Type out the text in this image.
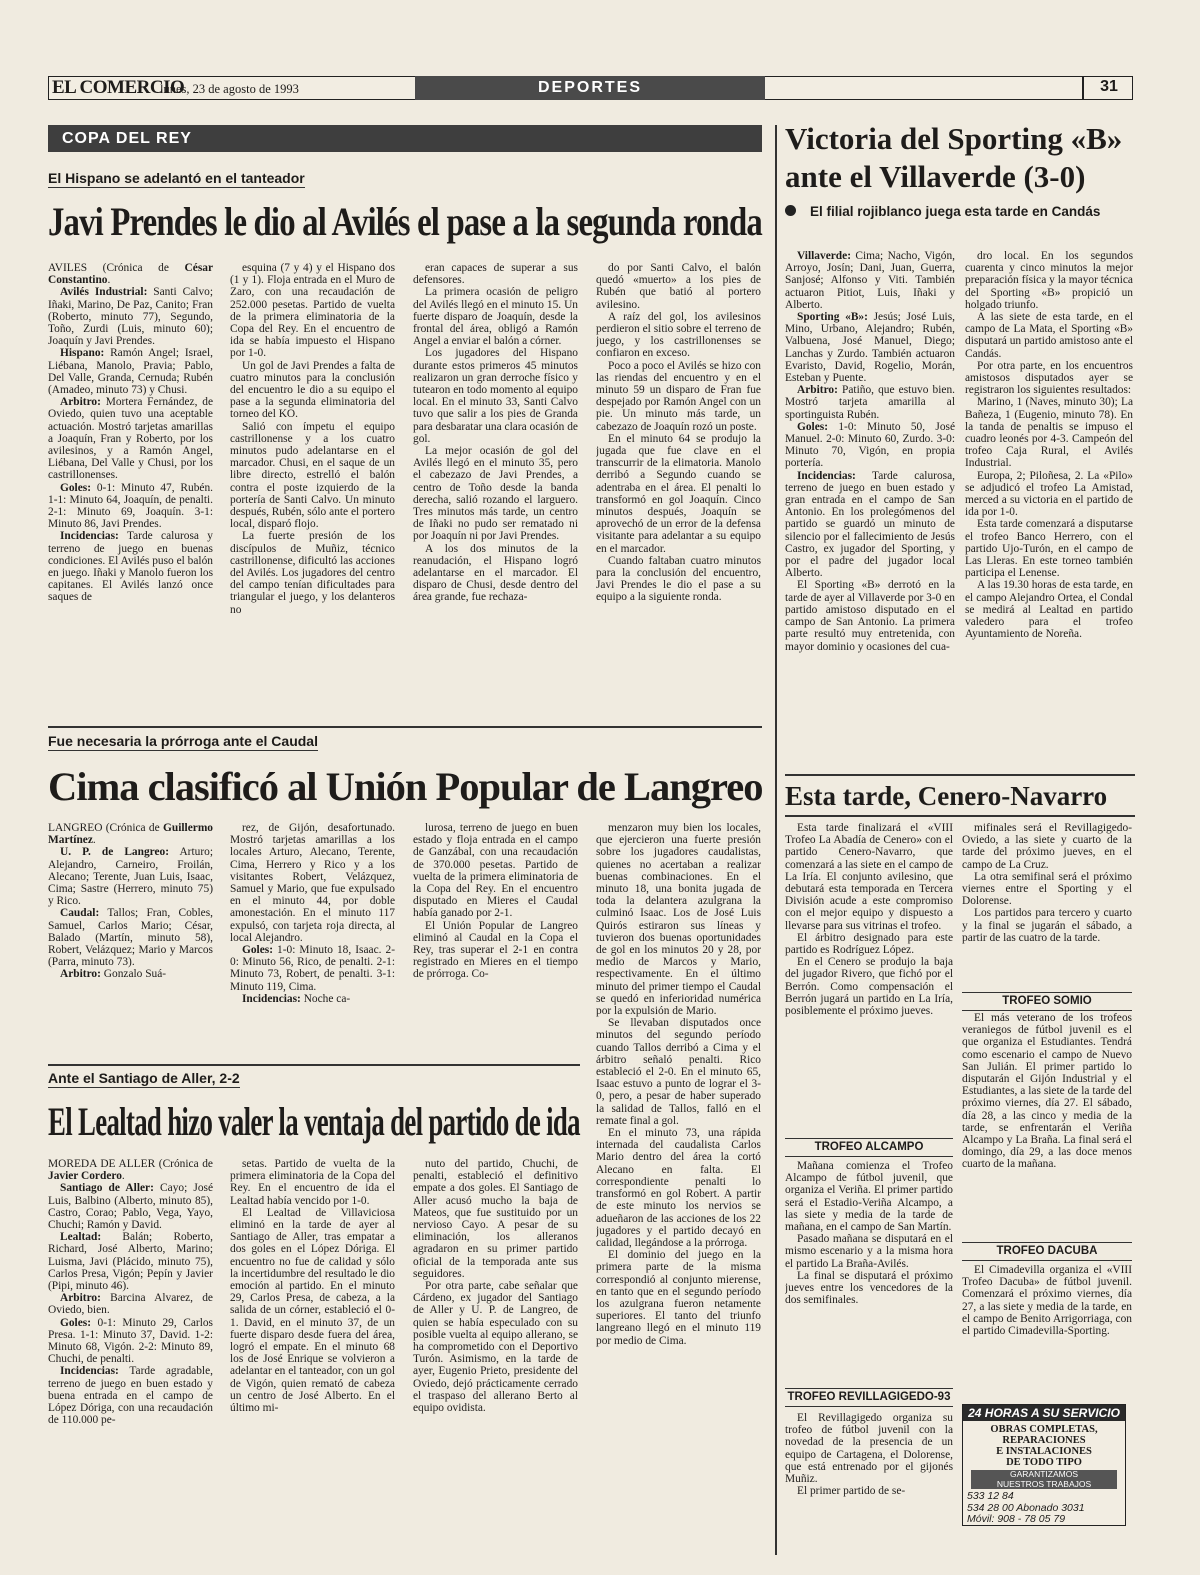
EL COMERCIO
lunes, 23 de agosto de 1993	DEPORTES	31
COPA DEL REY
El Hispano se adelantó en el tanteador
Javi Prendes le dio al Avilés el pase a la segunda ronda

AVILES (Crónica de César Constantino.

Avilés Industrial: Santi Calvo; Iñaki, Marino, De Paz, Canito; Fran (Roberto, minuto 77), Segundo, Toño, Zurdi (Luis, minuto 60); Joaquín y Javi Prendes.

Hispano: Ramón Angel; Israel, Liébana, Manolo, Pravia; Pablo, Del Valle, Granda, Cernuda; Rubén (Amadeo, minuto 73) y Chusi.

Arbitro: Mortera Fernández, de Oviedo, quien tuvo una aceptable actuación. Mostró tarjetas amarillas a Joaquín, Fran y Roberto, por los avilesinos, y a Ramón Angel, Liébana, Del Valle y Chusi, por los castrillonenses.

Goles: 0-1: Minuto 47, Rubén. 1-1: Minuto 64, Joaquín, de penalti. 2-1: Minuto 69, Joaquín. 3-1: Minuto 86, Javi Prendes.

Incidencias: Tarde calurosa y terreno de juego en buenas condiciones. El Avilés puso el balón en juego. Iñaki y Manolo fueron los capitanes. El Avilés lanzó once saques de

esquina (7 y 4) y el Hispano dos (1 y 1). Floja entrada en el Muro de Zaro, con una recaudación de 252.000 pesetas. Partido de vuelta de la primera eliminatoria de la Copa del Rey. En el encuentro de ida se había impuesto el Hispano por 1-0.

Un gol de Javi Prendes a falta de cuatro minutos para la conclusión del encuentro le dio a su equipo el pase a la segunda eliminatoria del torneo del KO.

Salió con ímpetu el equipo castrillonense y a los cuatro minutos pudo adelantarse en el marcador. Chusi, en el saque de un libre directo, estrelló el balón contra el poste izquierdo de la portería de Santi Calvo. Un minuto después, Rubén, sólo ante el portero local, disparó flojo.

La fuerte presión de los discípulos de Muñiz, técnico castrillonense, dificultó las acciones del Avilés. Los jugadores del centro del campo tenían dificultades para triangular el juego, y los delanteros no

eran capaces de superar a sus defensores.

La primera ocasión de peligro del Avilés llegó en el minuto 15. Un fuerte disparo de Joaquín, desde la frontal del área, obligó a Ramón Angel a enviar el balón a córner.

Los jugadores del Hispano durante estos primeros 45 minutos realizaron un gran derroche físico y tutearon en todo momento al equipo local. En el minuto 33, Santi Calvo tuvo que salir a los pies de Granda para desbaratar una clara ocasión de gol.

La mejor ocasión de gol del Avilés llegó en el minuto 35, pero el cabezazo de Javi Prendes, a centro de Toño desde la banda derecha, salió rozando el larguero. Tres minutos más tarde, un centro de Iñaki no pudo ser rematado ni por Joaquín ni por Javi Prendes.

A los dos minutos de la reanudación, el Hispano logró adelantarse en el marcador. El disparo de Chusi, desde dentro del área grande, fue rechaza-

do por Santi Calvo, el balón quedó «muerto» a los pies de Rubén que batió al portero avilesino.

A raíz del gol, los avilesinos perdieron el sitio sobre el terreno de juego, y los castrillonenses se confiaron en exceso.

Poco a poco el Avilés se hizo con las riendas del encuentro y en el minuto 59 un disparo de Fran fue despejado por Ramón Angel con un pie. Un minuto más tarde, un cabezazo de Joaquín rozó un poste.

En el minuto 64 se produjo la jugada que fue clave en el transcurrir de la elimatoria. Manolo derribó a Segundo cuando se adentraba en el área. El penalti lo transformó en gol Joaquín. Cinco minutos después, Joaquín se aprovechó de un error de la defensa visitante para adelantar a su equipo en el marcador.

Cuando faltaban cuatro minutos para la conclusión del encuentro, Javi Prendes le dio el pase a su equipo a la siguiente ronda.

Victoria del Sporting «B» ante el Villaverde (3-0)
El filial rojiblanco juega esta tarde en Candás

Villaverde: Cima; Nacho, Vigón, Arroyo, Josín; Dani, Juan, Guerra, Sanjosé; Alfonso y Viti. También actuaron Pitiot, Luis, Iñaki y Alberto.

Sporting «B»: Jesús; José Luis, Mino, Urbano, Alejandro; Rubén, Valbuena, José Manuel, Diego; Lanchas y Zurdo. También actuaron Evaristo, David, Rogelio, Morán, Esteban y Puente.

Arbitro: Patiño, que estuvo bien. Mostró tarjeta amarilla al sportinguista Rubén.

Goles: 1-0: Minuto 50, José Manuel. 2-0: Minuto 60, Zurdo. 3-0: Minuto 70, Vigón, en propia portería.

Incidencias: Tarde calurosa, terreno de juego en buen estado y gran entrada en el campo de San Antonio. En los prolegómenos del partido se guardó un minuto de silencio por el fallecimiento de Jesús Castro, ex jugador del Sporting, y por el padre del jugador local Alberto.

El Sporting «B» derrotó en la tarde de ayer al Villaverde por 3-0 en partido amistoso disputado en el campo de San Antonio. La primera parte resultó muy entretenida, con mayor dominio y ocasiones del cua-

dro local. En los segundos cuarenta y cinco minutos la mejor preparación física y la mayor técnica del Sporting «B» propició un holgado triunfo.

A las siete de esta tarde, en el campo de La Mata, el Sporting «B» disputará un partido amistoso ante el Candás.

Por otra parte, en los encuentros amistosos disputados ayer se registraron los siguientes resultados:

Marino, 1 (Naves, minuto 30); La Bañeza, 1 (Eugenio, minuto 78). En la tanda de penaltis se impuso el cuadro leonés por 4-3. Campeón del trofeo Caja Rural, el Avilés Industrial.

Europa, 2; Piloñesa, 2. La «Pilo» se adjudicó el trofeo La Amistad, merced a su victoria en el partido de ida por 1-0.

Esta tarde comenzará a disputarse el trofeo Banco Herrero, con el partido Ujo-Turón, en el campo de Las Lleras. En este torneo también participa el Lenense.

A las 19.30 horas de esta tarde, en el campo Alejandro Ortea, el Condal se medirá al Lealtad en partido valedero para el trofeo Ayuntamiento de Noreña.

Fue necesaria la prórroga ante el Caudal
Cima clasificó al Unión Popular de Langreo

LANGREO (Crónica de Guillermo Martínez.

U. P. de Langreo: Arturo; Alejandro, Carneiro, Froilán, Alecano; Terente, Juan Luis, Isaac, Cima; Sastre (Herrero, minuto 75) y Rico.

Caudal: Tallos; Fran, Cobles, Samuel, Carlos Mario; César, Balado (Martín, minuto 58), Robert, Velázquez; Mario y Marcos (Parra, minuto 73).

Arbitro: Gonzalo Suá-

rez, de Gijón, desafortunado. Mostró tarjetas amarillas a los locales Arturo, Alecano, Terente, Cima, Herrero y Rico y a los visitantes Robert, Velázquez, Samuel y Mario, que fue expulsado en el minuto 44, por doble amonestación. En el minuto 117 expulsó, con tarjeta roja directa, al local Alejandro.

Goles: 1-0: Minuto 18, Isaac. 2-0: Minuto 56, Rico, de penalti. 2-1: Minuto 73, Robert, de penalti. 3-1: Minuto 119, Cima.

Incidencias: Noche ca-

lurosa, terreno de juego en buen estado y floja entrada en el campo de Ganzábal, con una recaudación de 370.000 pesetas. Partido de vuelta de la primera eliminatoria de la Copa del Rey. En el encuentro disputado en Mieres el Caudal había ganado por 2-1.

El Unión Popular de Langreo eliminó al Caudal en la Copa el Rey, tras superar el 2-1 en contra registrado en Mieres en el tiempo de prórroga. Co-

menzaron muy bien los locales, que ejercieron una fuerte presión sobre los jugadores caudalistas, quienes no acertaban a realizar buenas combinaciones. En el minuto 18, una bonita jugada de toda la delantera azulgrana la culminó Isaac. Los de José Luis Quirós estiraron sus líneas y tuvieron dos buenas oportunidades de gol en los minutos 20 y 28, por medio de Marcos y Mario, respectivamente. En el último minuto del primer tiempo el Caudal se quedó en inferioridad numérica por la expulsión de Mario.

Se llevaban disputados once minutos del segundo período cuando Tallos derribó a Cima y el árbitro señaló penalti. Rico estableció el 2-0. En el minuto 65, Isaac estuvo a punto de lograr el 3-0, pero, a pesar de haber superado la salidad de Tallos, falló en el remate final a gol.

En el minuto 73, una rápida internada del caudalista Carlos Mario dentro del área la cortó Alecano en falta. El correspondiente penalti lo transformó en gol Robert. A partir de este minuto los nervios se adueñaron de las acciones de los 22 jugadores y el partido decayó en calidad, llegándose a la prórroga.

El dominio del juego en la primera parte de la misma correspondió al conjunto mierense, en tanto que en el segundo período los azulgrana fueron netamente superiores. El tanto del triunfo langreano llegó en el minuto 119 por medio de Cima.

Ante el Santiago de Aller, 2-2
El Lealtad hizo valer la ventaja del partido de ida

MOREDA DE ALLER (Crónica de Javier Cordero.

Santiago de Aller: Cayo; José Luis, Balbino (Alberto, minuto 85), Castro, Corao; Pablo, Vega, Yayo, Chuchi; Ramón y David.

Lealtad: Balán; Roberto, Richard, José Alberto, Marino; Luisma, Javi (Plácido, minuto 75), Carlos Presa, Vigón; Pepín y Javier (Pipi, minuto 46).

Arbitro: Barcina Alvarez, de Oviedo, bien.

Goles: 0-1: Minuto 29, Carlos Presa. 1-1: Minuto 37, David. 1-2: Minuto 68, Vigón. 2-2: Minuto 89, Chuchi, de penalti.

Incidencias: Tarde agradable, terreno de juego en buen estado y buena entrada en el campo de López Dóriga, con una recaudación de 110.000 pe-

setas. Partido de vuelta de la primera eliminatoria de la Copa del Rey. En el encuentro de ida el Lealtad había vencido por 1-0.

El Lealtad de Villaviciosa eliminó en la tarde de ayer al Santiago de Aller, tras empatar a dos goles en el López Dóriga. El encuentro no fue de calidad y sólo la incertidumbre del resultado le dio emoción al partido. En el minuto 29, Carlos Presa, de cabeza, a la salida de un córner, estableció el 0-1. David, en el minuto 37, de un fuerte disparo desde fuera del área, logró el empate. En el minuto 68 los de José Enrique se volvieron a adelantar en el tanteador, con un gol de Vigón, quien remató de cabeza un centro de José Alberto. En el último mi-

nuto del partido, Chuchi, de penalti, estableció el definitivo empate a dos goles. El Santiago de Aller acusó mucho la baja de Mateos, que fue sustituido por un nervioso Cayo. A pesar de su eliminación, los alleranos agradaron en su primer partido oficial de la temporada ante sus seguidores.

Por otra parte, cabe señalar que Cárdeno, ex jugador del Santiago de Aller y U. P. de Langreo, de quien se había especulado con su posible vuelta al equipo allerano, se ha comprometido con el Deportivo Turón. Asimismo, en la tarde de ayer, Eugenio Prieto, presidente del Oviedo, dejó prácticamente cerrado el traspaso del allerano Berto al equipo ovidista.

Esta tarde, Cenero-Navarro

Esta tarde finalizará el «VIII Trofeo La Abadía de Cenero» con el partido Cenero-Navarro, que comenzará a las siete en el campo de La Iría. El conjunto avilesino, que debutará esta temporada en Tercera División acude a este compromiso con el mejor equipo y dispuesto a llevarse para sus vitrinas el trofeo.

El árbitro designado para este partido es Rodríguez López.

En el Cenero se produjo la baja del jugador Rivero, que fichó por el Berrón. Como compensación el Berrón jugará un partido en La Iría, posiblemente el próximo jueves.

TROFEO ALCAMPO

Mañana comienza el Trofeo Alcampo de fútbol juvenil, que organiza el Veriña. El primer partido será el Estadio-Veriña Alcampo, a las siete y media de la tarde de mañana, en el campo de San Martín.

Pasado mañana se disputará en el mismo escenario y a la misma hora el partido La Braña-Avilés.

La final se disputará el próximo jueves entre los vencedores de la dos semifinales.

TROFEO REVILLAGIGEDO-93

El Revillagigedo organiza su trofeo de fútbol juvenil con la novedad de la presencia de un equipo de Cartagena, el Dolorense, que está entrenado por el gijonés Muñiz.

El primer partido de se-

mifinales será el Revillagigedo-Oviedo, a las siete y cuarto de la tarde del próximo jueves, en el campo de La Cruz.

La otra semifinal será el próximo viernes entre el Sporting y el Dolorense.

Los partidos para tercero y cuarto y la final se jugarán el sábado, a partir de las cuatro de la tarde.

TROFEO SOMIO

El más veterano de los trofeos veraniegos de fútbol juvenil es el que organiza el Estudiantes. Tendrá como escenario el campo de Nuevo San Julián. El primer partido lo disputarán el Gijón Industrial y el Estudiantes, a las siete de la tarde del próximo viernes, día 27. El sábado, día 28, a las cinco y media de la tarde, se enfrentarán el Veriña Alcampo y La Braña. La final será el domingo, día 29, a las doce menos cuarto de la mañana.

TROFEO DACUBA

El Cimadevilla organiza el «VIII Trofeo Dacuba» de fútbol juvenil. Comenzará el próximo viernes, día 27, a las siete y media de la tarde, en el campo de Benito Arrigorriaga, con el partido Cimadevilla-Sporting.

24 HORAS A SU SERVICIO
OBRAS COMPLETAS,
REPARACIONES
E INSTALACIONES
DE TODO TIPO
GARANTIZAMOS
NUESTROS TRABAJOS
533 12 84
534 28 00 Abonado 3031
Móvil: 908 - 78 05 79
